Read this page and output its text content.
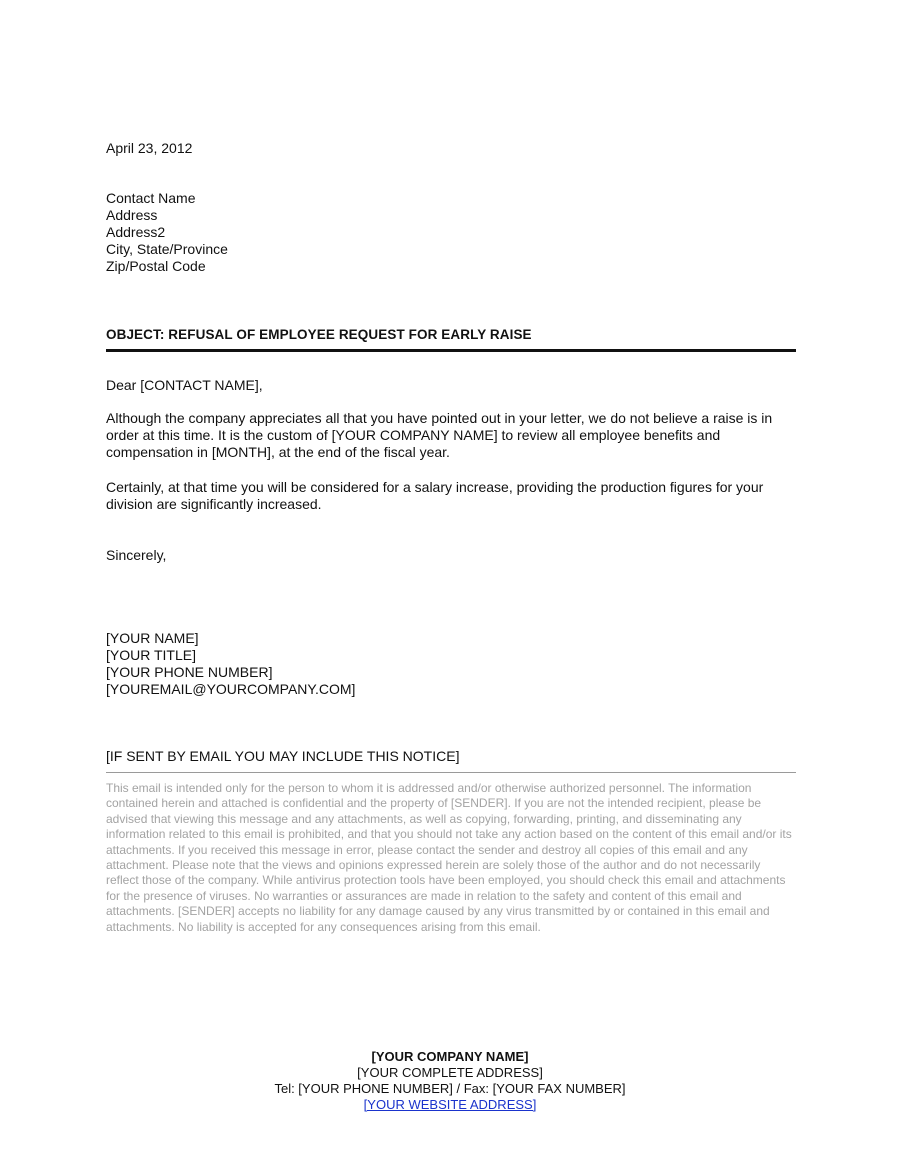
April 23, 2012
Contact Name
Address
Address2
City, State/Province
Zip/Postal Code
OBJECT: REFUSAL OF EMPLOYEE REQUEST FOR EARLY RAISE
Dear [CONTACT NAME],
Although the company appreciates all that you have pointed out in your letter, we do not believe a raise is in order at this time. It is the custom of [YOUR COMPANY NAME] to review all employee benefits and compensation in [MONTH], at the end of the fiscal year.
Certainly, at that time you will be considered for a salary increase, providing the production figures for your division are significantly increased.
Sincerely,
[YOUR NAME]
[YOUR TITLE]
[YOUR PHONE NUMBER]
[YOUREMAIL@YOURCOMPANY.COM]
[IF SENT BY EMAIL YOU MAY INCLUDE THIS NOTICE]
This email is intended only for the person to whom it is addressed and/or otherwise authorized personnel. The information contained herein and attached is confidential and the property of [SENDER]. If you are not the intended recipient, please be advised that viewing this message and any attachments, as well as copying, forwarding, printing, and disseminating any information related to this email is prohibited, and that you should not take any action based on the content of this email and/or its attachments. If you received this message in error, please contact the sender and destroy all copies of this email and any attachment. Please note that the views and opinions expressed herein are solely those of the author and do not necessarily reflect those of the company. While antivirus protection tools have been employed, you should check this email and attachments for the presence of viruses. No warranties or assurances are made in relation to the safety and content of this email and attachments. [SENDER] accepts no liability for any damage caused by any virus transmitted by or contained in this email and attachments. No liability is accepted for any consequences arising from this email.
[YOUR COMPANY NAME]
[YOUR COMPLETE ADDRESS]
Tel: [YOUR PHONE NUMBER] / Fax: [YOUR FAX NUMBER]
[YOUR WEBSITE ADDRESS]
